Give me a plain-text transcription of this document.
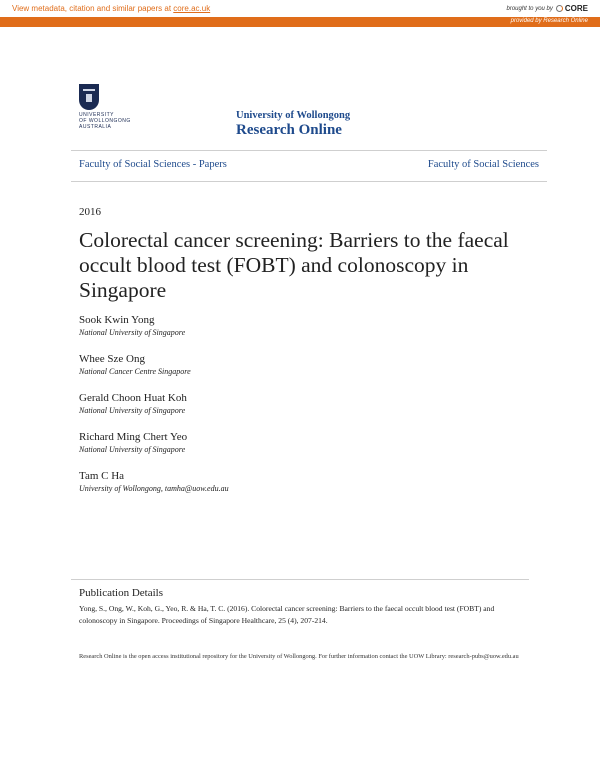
View metadata, citation and similar papers at core.ac.uk	brought to you by CORE
provided by Research Online
UNIVERSITY
OF WOLLONGONG
AUSTRALIA
University of Wollongong
Research Online
Faculty of Social Sciences - Papers	Faculty of Social Sciences
2016
Colorectal cancer screening: Barriers to the faecal occult blood test (FOBT) and colonoscopy in Singapore
Sook Kwin Yong
National University of Singapore
Whee Sze Ong
National Cancer Centre Singapore
Gerald Choon Huat Koh
National University of Singapore
Richard Ming Chert Yeo
National University of Singapore
Tam C Ha
University of Wollongong, tamha@uow.edu.au
Publication Details
Yong, S., Ong, W., Koh, G., Yeo, R. & Ha, T. C. (2016). Colorectal cancer screening: Barriers to the faecal occult blood test (FOBT) and colonoscopy in Singapore. Proceedings of Singapore Healthcare, 25 (4), 207-214.
Research Online is the open access institutional repository for the University of Wollongong. For further information contact the UOW Library: research-pubs@uow.edu.au
